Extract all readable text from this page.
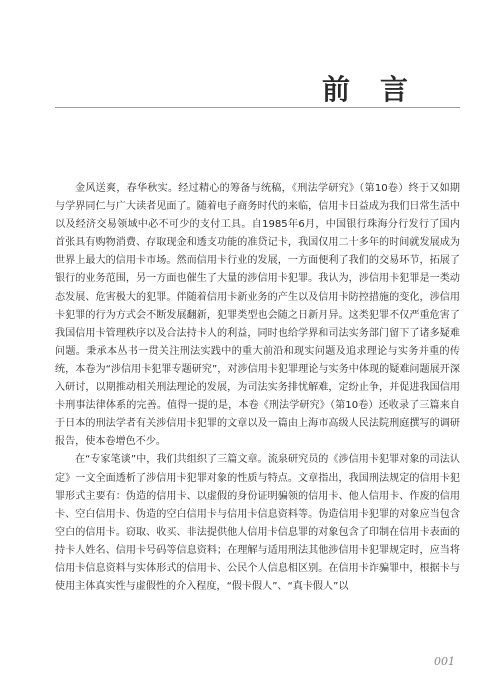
前言

金风送爽，春华秋实。经过精心的筹备与统稿，《刑法学研究》（第10卷）终于又如期与学界同仁与广大读者见面了。随着电子商务时代的来临，信用卡日益成为我们日常生活中以及经济交易领域中必不可少的支付工具。自1985年6月，中国银行珠海分行发行了国内首张具有购物消费、存取现金和透支功能的准贷记卡，我国仅用二十多年的时间就发展成为世界上最大的信用卡市场。然而信用卡行业的发展，一方面便利了我们的交易环节，拓展了银行的业务范围，另一方面也催生了大量的涉信用卡犯罪。我认为，涉信用卡犯罪是一类动态发展、危害极大的犯罪。伴随着信用卡新业务的产生以及信用卡防控措施的变化，涉信用卡犯罪的行为方式会不断发展翻新，犯罪类型也会随之日新月异。这类犯罪不仅严重危害了我国信用卡管理秩序以及合法持卡人的利益，同时也给学界和司法实务部门留下了诸多疑难问题。秉承本丛书一贯关注刑法实践中的重大前沿和现实问题及追求理论与实务并重的传统，本卷为“涉信用卡犯罪专题研究”，对涉信用卡犯罪理论与实务中体现的疑难问题展开深入研讨，以期推动相关刑法理论的发展，为司法实务排忧解难，定纷止争，并促进我国信用卡刑事法律体系的完善。值得一提的是，本卷《刑法学研究》（第10卷）还收录了三篇来自于日本的刑法学者有关涉信用卡犯罪的文章以及一篇由上海市高级人民法院刑庭撰写的调研报告，使本卷增色不少。

在“专家笔谈”中，我们共组织了三篇文章。流泉研究员的《涉信用卡犯罪对象的司法认定》一文全面透析了涉信用卡犯罪对象的性质与特点。文章指出，我国刑法规定的信用卡犯罪形式主要有：伪造的信用卡、以虚假的身份证明骗领的信用卡、他人信用卡、作废的信用卡、空白信用卡、伪造的空白信用卡与信用卡信息资料等。伪造信用卡犯罪的对象应当包含空白的信用卡。窃取、收买、非法提供他人信用卡信息罪的对象包含了印制在信用卡表面的持卡人姓名、信用卡号码等信息资料；在理解与适用刑法其他涉信用卡犯罪规定时，应当将信用卡信息资料与实体形式的信用卡、公民个人信息相区别。在信用卡诈骗罪中，根据卡与使用主体真实性与虚假性的介入程度，“假卡假人”、“真卡假人”以

001
